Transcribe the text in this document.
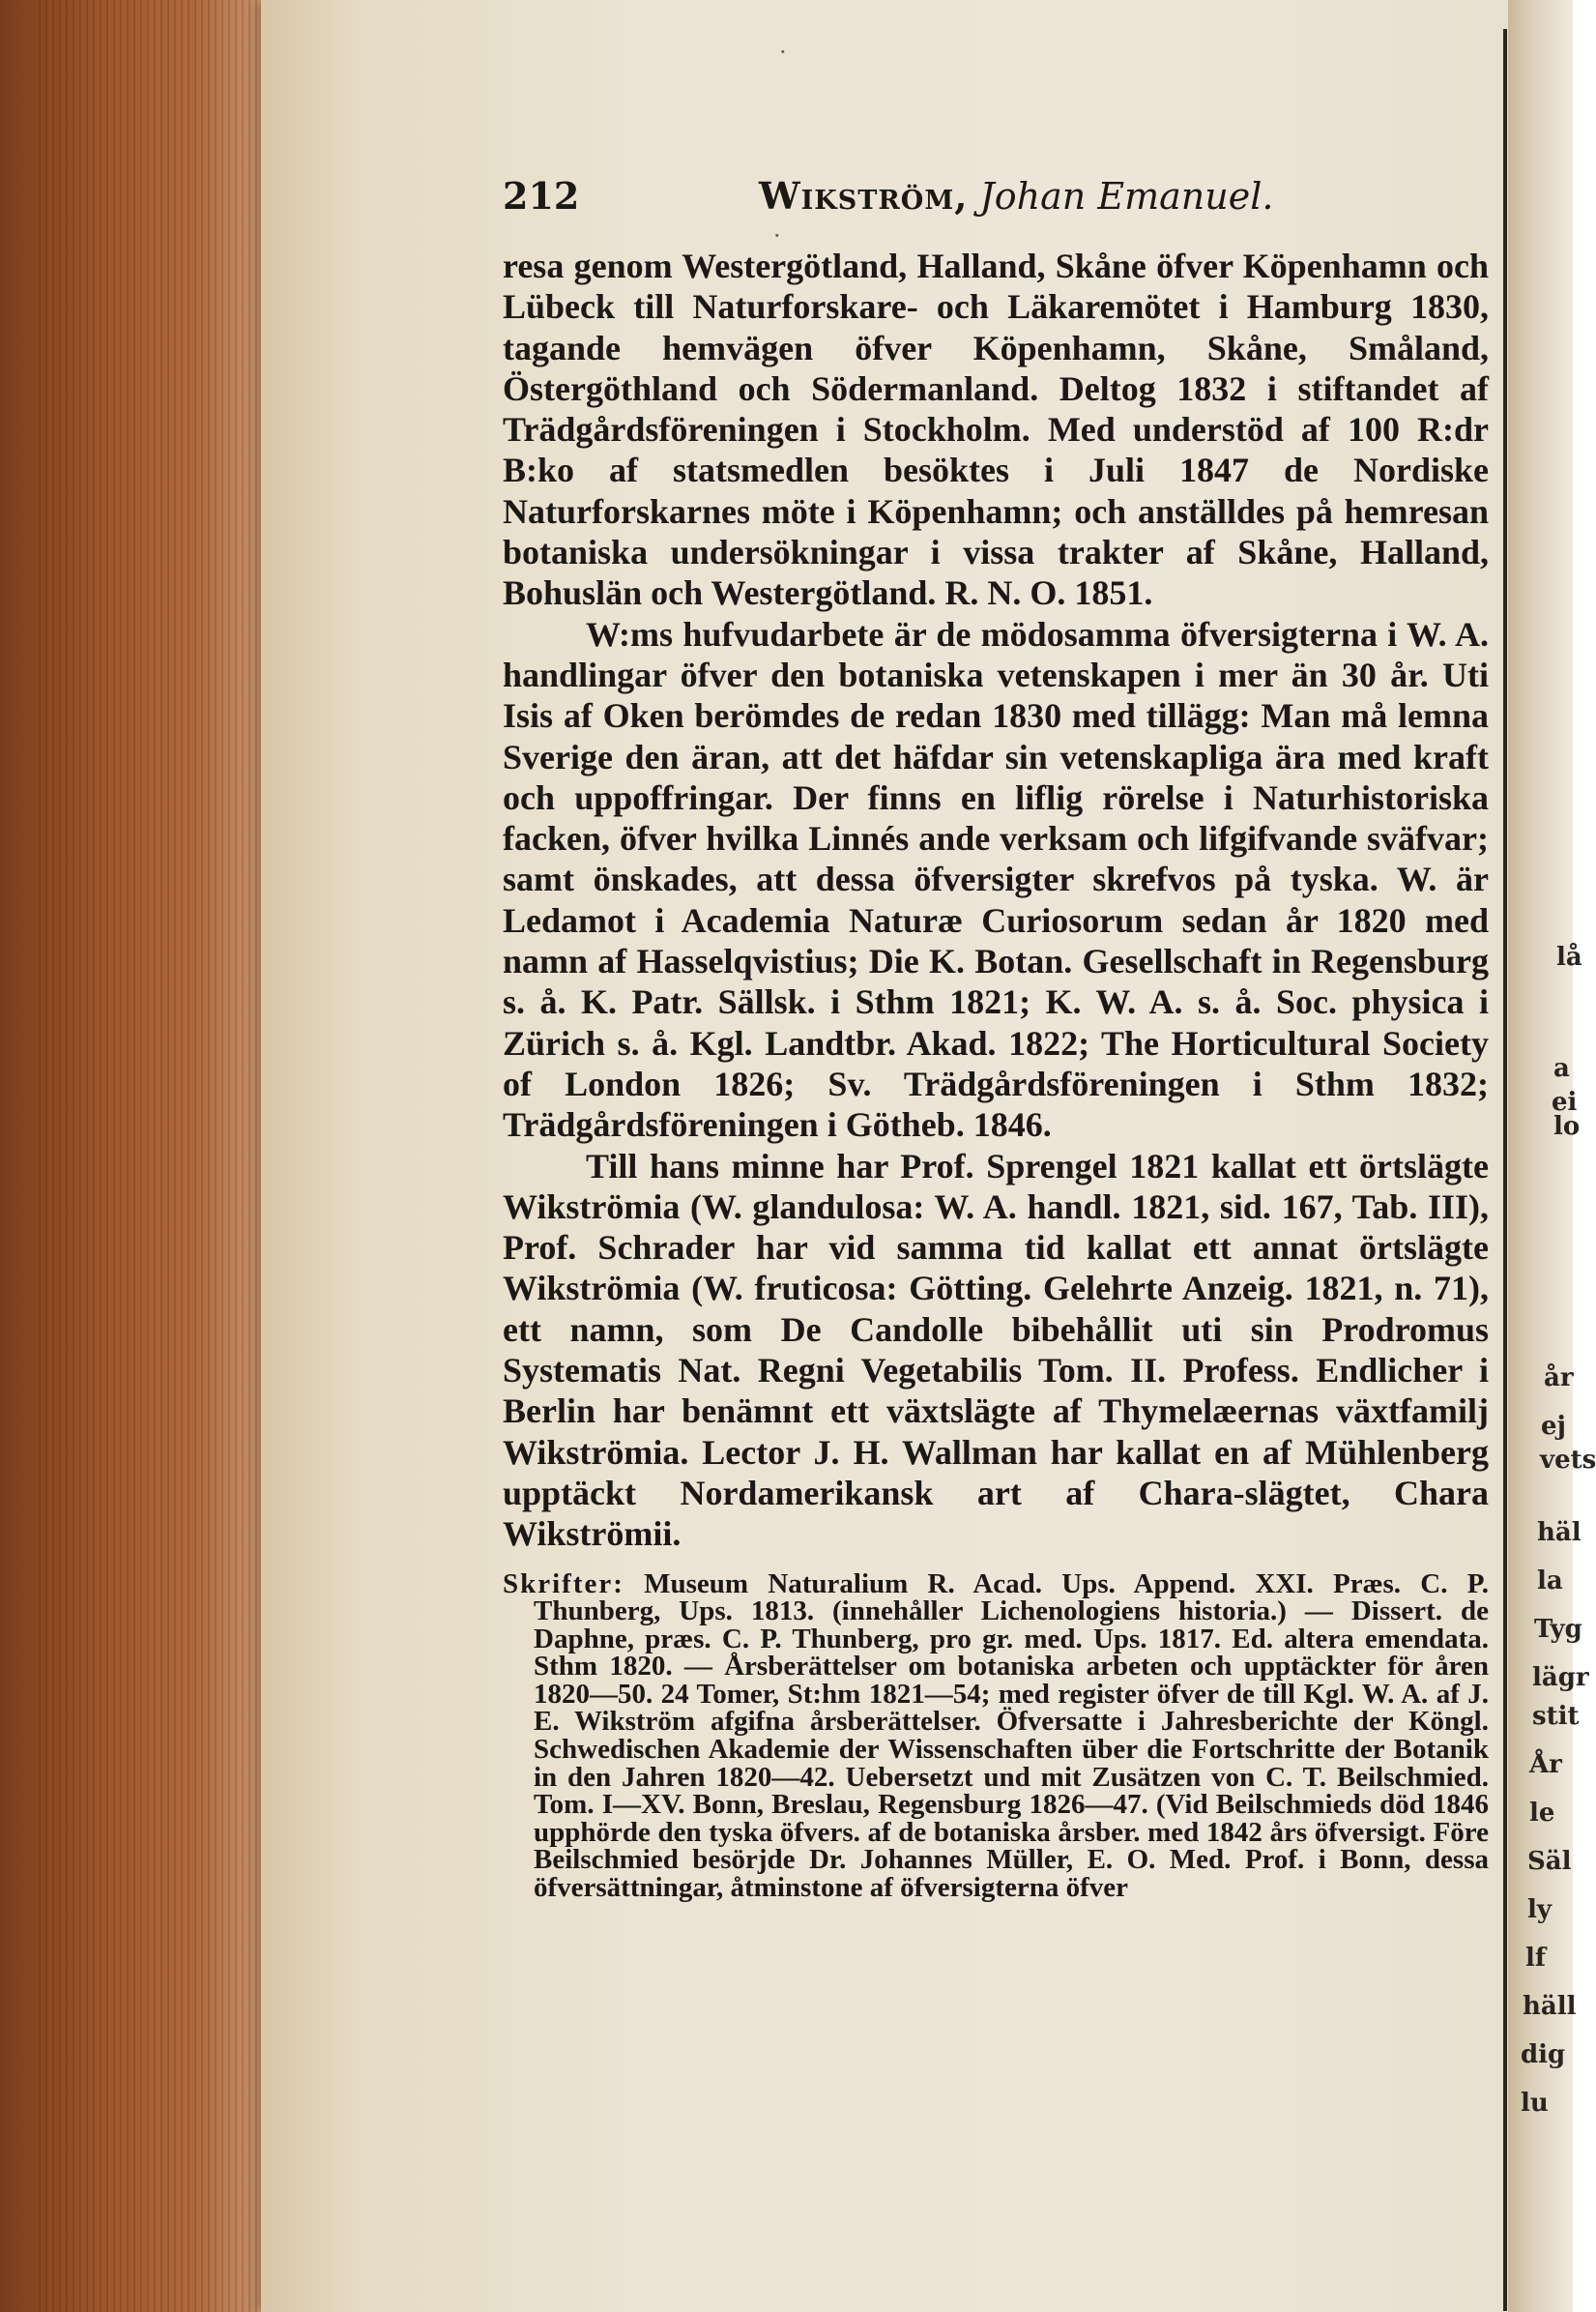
lå
a
ei
lo
år
ej
vets
häl
la
Tyg
lägr
stit
År
le
Säl
ly
lf
häll
dig
lu
·
·
212	Wikström, Johan Emanuel.

resa genom Westergötland, Halland, Skåne öfver Köpenhamn och Lübeck till Naturforskare- och Läkaremötet i Hamburg 1830, tagande hemvägen öfver Köpenhamn, Skåne, Småland, Östergöthland och Södermanland. Deltog 1832 i stiftandet af Trädgårdsföreningen i Stockholm. Med understöd af 100 R:dr B:ko af statsmedlen besöktes i Juli 1847 de Nordiske Naturforskarnes möte i Köpenhamn; och anställdes på hemresan botaniska undersökningar i vissa trakter af Skåne, Halland, Bohuslän och Westergötland. R. N. O. 1851.

W:ms hufvudarbete är de mödosamma öfversigterna i W. A. handlingar öfver den botaniska vetenskapen i mer än 30 år. Uti Isis af Oken berömdes de redan 1830 med tillägg: Man må lemna Sverige den äran, att det häfdar sin vetenskapliga ära med kraft och uppoffringar. Der finns en liflig rörelse i Naturhistoriska facken, öfver hvilka Linnés ande verksam och lifgifvande sväfvar; samt önskades, att dessa öfversigter skrefvos på tyska. W. är Ledamot i Academia Naturæ Curiosorum sedan år 1820 med namn af Hasselqvistius; Die K. Botan. Gesellschaft in Regensburg s. å. K. Patr. Sällsk. i Sthm 1821; K. W. A. s. å. Soc. physica i Zürich s. å. Kgl. Landtbr. Akad. 1822; The Horticultural Society of London 1826; Sv. Trädgårdsföreningen i Sthm 1832; Trädgårdsföreningen i Götheb. 1846.

Till hans minne har Prof. Sprengel 1821 kallat ett örtslägte Wikströmia (W. glandulosa: W. A. handl. 1821, sid. 167, Tab. III), Prof. Schrader har vid samma tid kallat ett annat örtslägte Wikströmia (W. fruticosa: Götting. Gelehrte Anzeig. 1821, n. 71), ett namn, som De Candolle bibehållit uti sin Prodromus Systematis Nat. Regni Vegetabilis Tom. II. Profess. Endlicher i Berlin har benämnt ett växtslägte af Thymelæernas växtfamilj Wikströmia. Lector J. H. Wallman har kallat en af Mühlenberg upptäckt Nordamerikansk art af Chara-slägtet, Chara Wikströmii.

Skrifter: Museum Naturalium R. Acad. Ups. Append. XXI. Præs. C. P. Thunberg, Ups. 1813. (innehåller Lichenologiens historia.) — Dissert. de Daphne, præs. C. P. Thunberg, pro gr. med. Ups. 1817. Ed. altera emendata. Sthm 1820. — Årsberättelser om botaniska arbeten och upptäckter för åren 1820—50. 24 Tomer, St:hm 1821—54; med register öfver de till Kgl. W. A. af J. E. Wikström afgifna årsberättelser. Öfversatte i Jahresberichte der Köngl. Schwedischen Akademie der Wissenschaften über die Fortschritte der Botanik in den Jahren 1820—42. Uebersetzt und mit Zusätzen von C. T. Beilschmied. Tom. I—XV. Bonn, Breslau, Regensburg 1826—47. (Vid Beilschmieds död 1846 upphörde den tyska öfvers. af de botaniska årsber. med 1842 års öfversigt. Före Beilschmied besörjde Dr. Johannes Müller, E. O. Med. Prof. i Bonn, dessa öfversättningar, åtminstone af öfversigterna öfver
